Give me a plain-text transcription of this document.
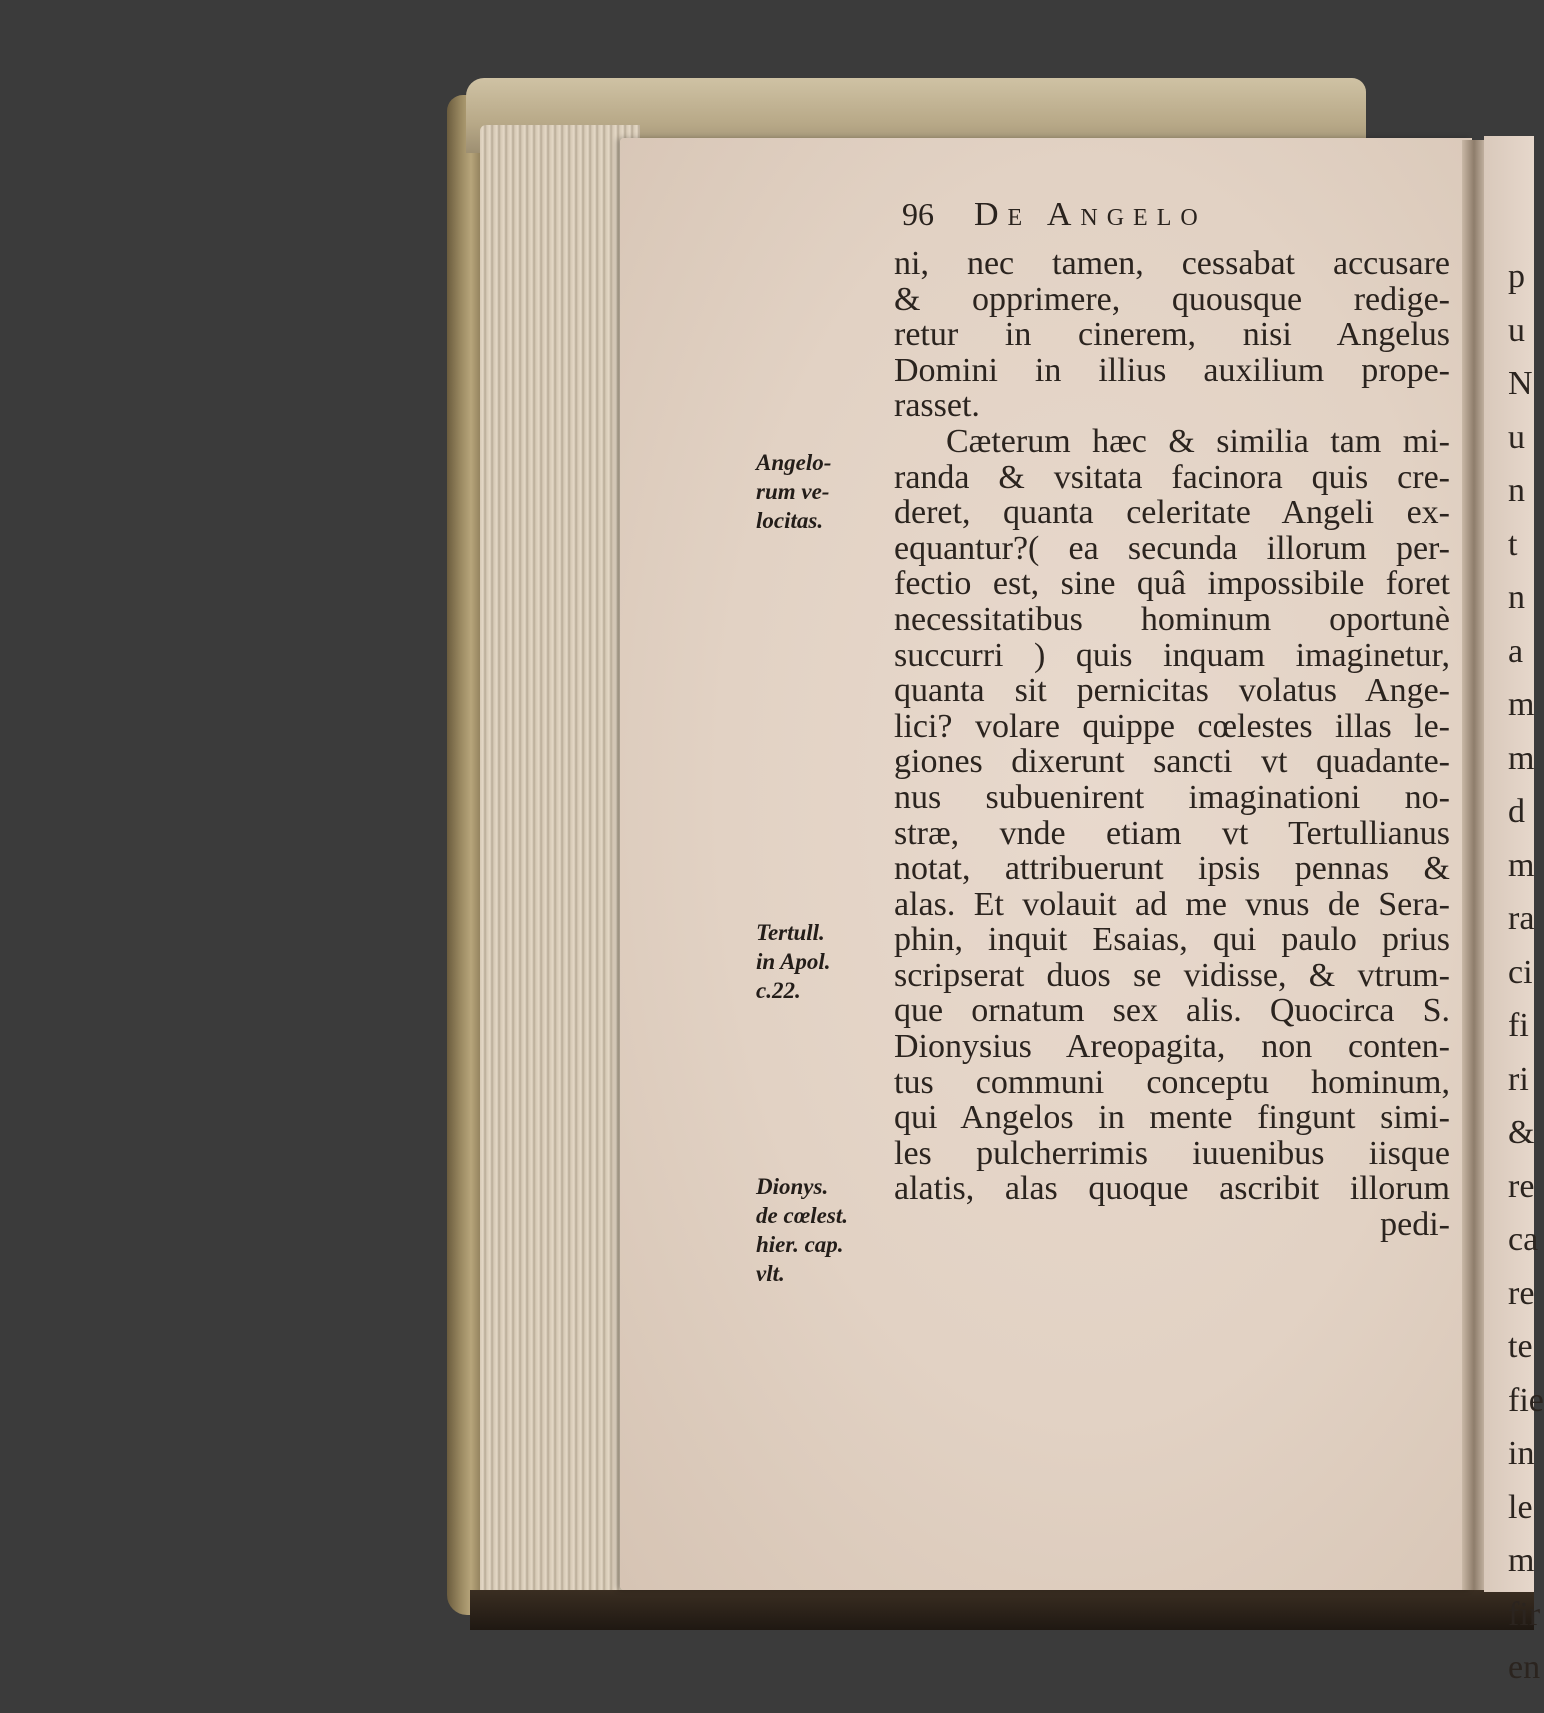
p
u
N
u
n
t
n
a
m
m
d
m
ra
ci
fi
ri
&
re
ca
re
te
fie
in
le
m
fir
en
96 De Angelo
Angelo-
rum ve-
locitas.
Tertull.
in Apol.
c.22.
Dionys.
de cœlest.
hier. cap.
vlt.
ni, nec tamen, cessabat accusare
& opprimere, quousque redige-
retur in cinerem, nisi Angelus
Domini in illius auxilium prope-
rasset.
Cæterum hæc & similia tam mi-
randa & vsitata facinora quis cre-
deret, quanta celeritate Angeli ex-
equantur?( ea secunda illorum per-
fectio est, sine quâ impossibile foret
necessitatibus hominum oportunè
succurri ) quis inquam imaginetur,
quanta sit pernicitas volatus Ange-
lici? volare quippe cœlestes illas le-
giones dixerunt sancti vt quadante-
nus subuenirent imaginationi no-
stræ, vnde etiam vt Tertullianus
notat, attribuerunt ipsis pennas &
alas. Et volauit ad me vnus de Sera-
phin, inquit Esaias, qui paulo prius
scripserat duos se vidisse, & vtrum-
que ornatum sex alis. Quocirca S.
Dionysius Areopagita, non conten-
tus communi conceptu hominum,
qui Angelos in mente fingunt simi-
les pulcherrimis iuuenibus iisque
alatis, alas quoque ascribit illorum
pedi-
